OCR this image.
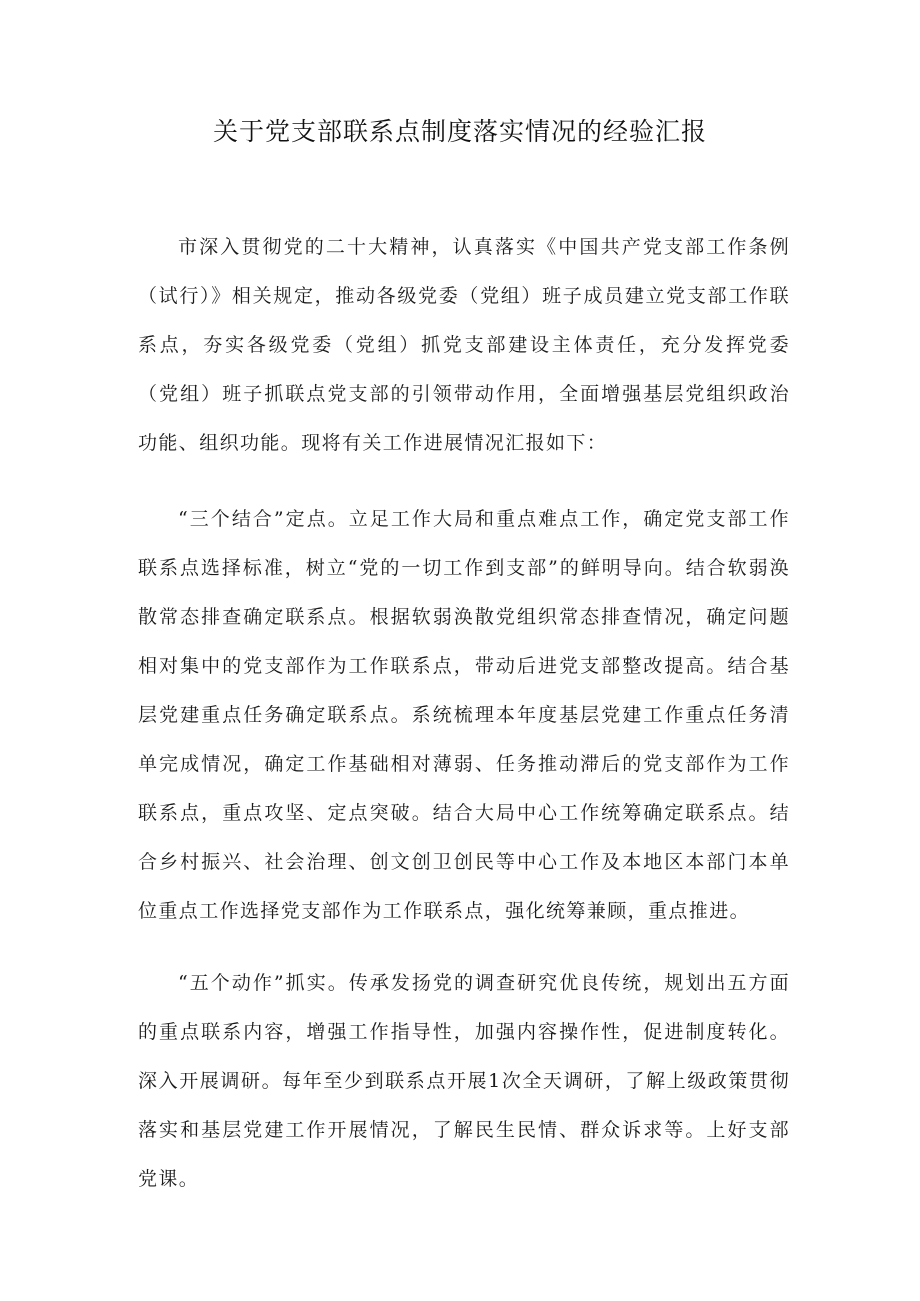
关于党支部联系点制度落实情况的经验汇报

市深入贯彻党的二十大精神，认真落实《中国共产党支部工作条例（试行）》相关规定，推动各级党委（党组）班子成员建立党支部工作联系点，夯实各级党委（党组）抓党支部建设主体责任，充分发挥党委（党组）班子抓联点党支部的引领带动作用，全面增强基层党组织政治功能、组织功能。现将有关工作进展情况汇报如下：

“三个结合”定点。立足工作大局和重点难点工作，确定党支部工作联系点选择标准，树立“党的一切工作到支部”的鲜明导向。结合软弱涣散常态排查确定联系点。根据软弱涣散党组织常态排查情况，确定问题相对集中的党支部作为工作联系点，带动后进党支部整改提高。结合基层党建重点任务确定联系点。系统梳理本年度基层党建工作重点任务清单完成情况，确定工作基础相对薄弱、任务推动滞后的党支部作为工作联系点，重点攻坚、定点突破。结合大局中心工作统筹确定联系点。结合乡村振兴、社会治理、创文创卫创民等中心工作及本地区本部门本单位重点工作选择党支部作为工作联系点，强化统筹兼顾，重点推进。

“五个动作”抓实。传承发扬党的调查研究优良传统，规划出五方面的重点联系内容，增强工作指导性，加强内容操作性，促进制度转化。深入开展调研。每年至少到联系点开展1次全天调研，了解上级政策贯彻落实和基层党建工作开展情况，了解民生民情、群众诉求等。上好支部党课。
